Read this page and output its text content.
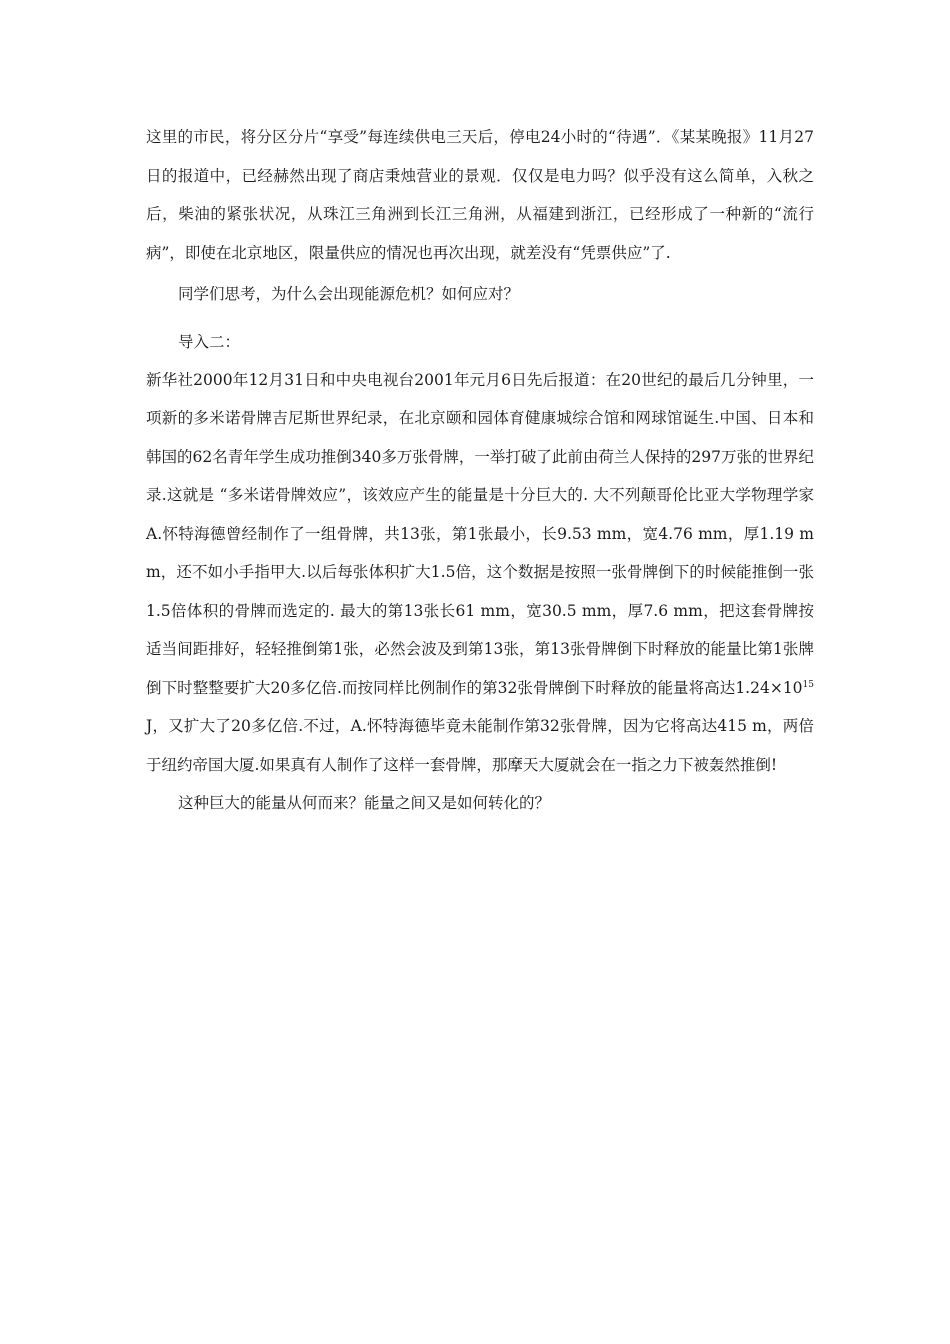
这里的市民，将分区分片“享受”每连续供电三天后，停电24小时的“待遇”．《某某晚报》11月27日的报道中，已经赫然出现了商店秉烛营业的景观．仅仅是电力吗？似乎没有这么简单，入秋之后，柴油的紧张状况，从珠江三角洲到长江三角洲，从福建到浙江，已经形成了一种新的“流行病”，即使在北京地区，限量供应的情况也再次出现，就差没有“凭票供应”了.

同学们思考，为什么会出现能源危机？如何应对？

导入二：

新华社2000年12月31日和中央电视台2001年元月6日先后报道：在20世纪的最后几分钟里，一项新的多米诺骨牌吉尼斯世界纪录，在北京颐和园体育健康城综合馆和网球馆诞生.中国、日本和韩国的62名青年学生成功推倒340多万张骨牌，一举打破了此前由荷兰人保持的297万张的世界纪录.这就是 “多米诺骨牌效应”，该效应产生的能量是十分巨大的. 大不列颠哥伦比亚大学物理学家A.怀特海德曾经制作了一组骨牌，共13张，第1张最小，长9.53 mm，宽4.76 mm，厚1.19 mm，还不如小手指甲大.以后每张体积扩大1.5倍，这个数据是按照一张骨牌倒下的时候能推倒一张1.5倍体积的骨牌而选定的. 最大的第13张长61 mm，宽30.5 mm，厚7.6 mm，把这套骨牌按适当间距排好，轻轻推倒第1张，必然会波及到第13张，第13张骨牌倒下时释放的能量比第1张牌倒下时整整要扩大20多亿倍.而按同样比例制作的第32张骨牌倒下时释放的能量将高达$1.24\times 10^{15}J$，又扩大了20多亿倍.不过，A.怀特海德毕竟未能制作第32张骨牌，因为它将高达415 m，两倍于纽约帝国大厦.如果真有人制作了这样一套骨牌，那摩天大厦就会在一指之力下被轰然推倒!

这种巨大的能量从何而来？能量之间又是如何转化的？
